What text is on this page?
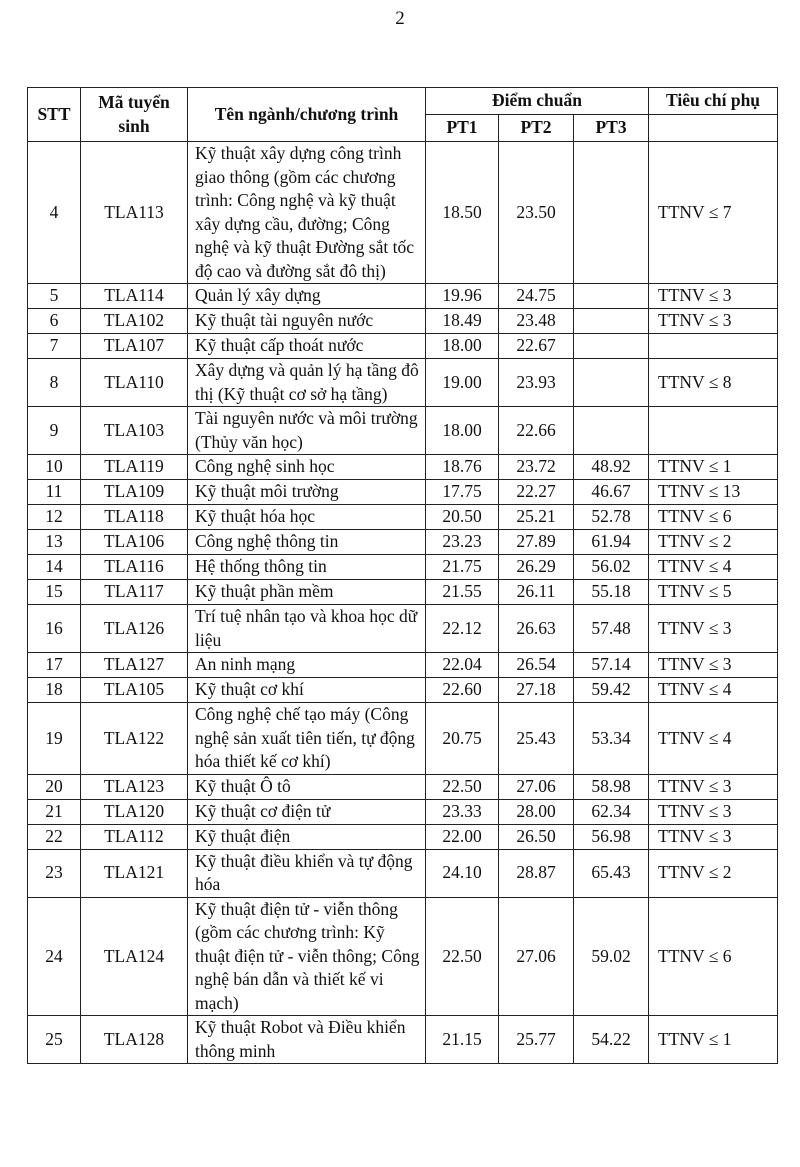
2
STT	Mã tuyển sinh	Tên ngành/chương trình	Điểm chuẩn			Tiêu chí phụ
			PT1	PT2	PT3	
4	TLA113	Kỹ thuật xây dựng công trình giao thông (gồm các chương trình: Công nghệ và kỹ thuật xây dựng cầu, đường; Công nghệ và kỹ thuật Đường sắt tốc độ cao và đường sắt đô thị)	18.50	23.50		TTNV ≤ 7
5	TLA114	Quản lý xây dựng	19.96	24.75		TTNV ≤ 3
6	TLA102	Kỹ thuật tài nguyên nước	18.49	23.48		TTNV ≤ 3
7	TLA107	Kỹ thuật cấp thoát nước	18.00	22.67		
8	TLA110	Xây dựng và quản lý hạ tầng đô thị (Kỹ thuật cơ sở hạ tầng)	19.00	23.93		TTNV ≤ 8
9	TLA103	Tài nguyên nước và môi trường (Thủy văn học)	18.00	22.66		
10	TLA119	Công nghệ sinh học	18.76	23.72	48.92	TTNV ≤ 1
11	TLA109	Kỹ thuật môi trường	17.75	22.27	46.67	TTNV ≤ 13
12	TLA118	Kỹ thuật hóa học	20.50	25.21	52.78	TTNV ≤ 6
13	TLA106	Công nghệ thông tin	23.23	27.89	61.94	TTNV ≤ 2
14	TLA116	Hệ thống thông tin	21.75	26.29	56.02	TTNV ≤ 4
15	TLA117	Kỹ thuật phần mềm	21.55	26.11	55.18	TTNV ≤ 5
16	TLA126	Trí tuệ nhân tạo và khoa học dữ liệu	22.12	26.63	57.48	TTNV ≤ 3
17	TLA127	An ninh mạng	22.04	26.54	57.14	TTNV ≤ 3
18	TLA105	Kỹ thuật cơ khí	22.60	27.18	59.42	TTNV ≤ 4
19	TLA122	Công nghệ chế tạo máy (Công nghệ sản xuất tiên tiến, tự động hóa thiết kế cơ khí)	20.75	25.43	53.34	TTNV ≤ 4
20	TLA123	Kỹ thuật Ô tô	22.50	27.06	58.98	TTNV ≤ 3
21	TLA120	Kỹ thuật cơ điện tử	23.33	28.00	62.34	TTNV ≤ 3
22	TLA112	Kỹ thuật điện	22.00	26.50	56.98	TTNV ≤ 3
23	TLA121	Kỹ thuật điều khiển và tự động hóa	24.10	28.87	65.43	TTNV ≤ 2
24	TLA124	Kỹ thuật điện tử - viễn thông (gồm các chương trình: Kỹ thuật điện tử - viễn thông; Công nghệ bán dẫn và thiết kế vi mạch)	22.50	27.06	59.02	TTNV ≤ 6
25	TLA128	Kỹ thuật Robot và Điều khiển thông minh	21.15	25.77	54.22	TTNV ≤ 1
